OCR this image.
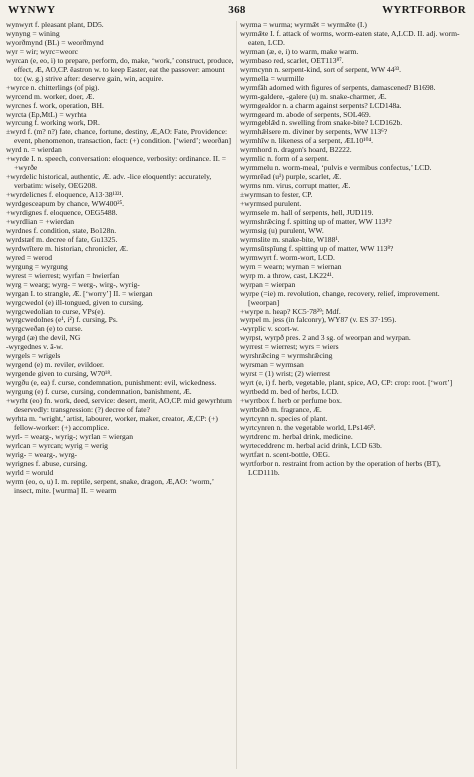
WYNWY	368	WYRTFORBOR

wynwyrt f. pleasant plant, DD5.

wynyng = wining

wyorðmynd (BL) = weorðmynd

wyr = wir; wyrc=weorc

wyrcan (e, eo, i) to prepare, perform, do, make, ‘work,’ construct, produce, effect, Æ, AO,CP. ēastron w. to keep Easter, eat the passover: amount to: (w. g.) strive after: deserve gain, win, acquire.

+wyrce n. chitterlings (of pig).

wyrcend m. worker, doer, Æ.

wyrcnes f. work, operation, BH.

wyrcta (Ep,MtL) = wyrhta

wyrcung f. working work, DR.

±wyrd f. (m? n?) fate, chance, fortune, destiny, Æ,AO: Fate, Providence: event, phenomenon, transaction, fact: (+) condition. [‘wierd’; weorðan]

wyrd n. = wierdan

+wyrde I. n. speech, conversation: eloquence, verbosity: ordinance. II. = +wyrðe

+wyrdelic historical, authentic, Æ. adv. -lice eloquently: accurately, verbatim: wisely, OEG208.

+wyrdelicnes f. eloquence, A13·38¹³²¹.

wyrdgesceapum by chance, WW400²⁵.

+wyrdignes f. eloquence, OEG5488.

+wyrdlian = +wierdan

wyrdnes f. condition, state, Bo128n.

wyrdstæf m. decree of fate, Gu1325.

wyrdwrītere m. historian, chronicler, Æ.

wyred = werod

wyrgung = wyrgung

wyrest = wierrest; wyrfan = hwierfan

wyrg = wearg; wyrg- = werg-, wirg-, wyrig-

wyrgan I. to strangle, Æ. [‘worry’] II. = wiergan

wyrgcwedol (e) ill-tongued, given to cursing.

wyrgcwedolian to curse, VPs(e).

wyrgcwedolnes (e¹, i²) f. cursing, Ps.

wyrgcweðan (e) to curse.

wyrgd (æ) the devil, NG

-wyrgednes v. ā-w.

wyrgels = wrigels

wyrgend (e) m. reviler, evildoer.

wyrgende given to cursing, W70¹⁸.

wyrgðu (e, ea) f. curse, condemnation, punishment: evil, wickedness.

wyrgung (e) f. curse, cursing, condemnation, banishment, Æ.

+wyrht (eo) fn. work, deed, service: desert, merit, AO,CP. mid gewyrhtum deservedly: transgression: (?) decree of fate?

wyrhta m. ‘wright,’ artist, labourer, worker, maker, creator, Æ,CP: (+) fellow-worker: (+) accomplice.

wyrl- = wearg-, wyrig-; wyrlan = wiergan

wyrlcan = wyrcan; wyrig = werig

wyrig- = wearg-, wyrg-

wyrignes f. abuse, cursing.

wyrld = woruld

wyrm (eo, o, u) I. m. reptile, serpent, snake, dragon, Æ,AO: ‘worm,’ insect, mite. [wurma] II. = wearm

wyrma = wurma; wyrmǣt = wyrmǣte (I.)

wyrmǣte I. f. attack of worms, worm-eaten state, A,LCD. II. adj. worm-eaten, LCD.

wyrman (æ, e, i) to warm, make warm.

wyrmbaso red, scarlet, OET113⁸⁷.

wyrmcynn n. serpent-kind, sort of serpent, WW 44³³.

wyrmella = wurmille

wyrmfāh adorned with figures of serpents, damascened? B1698.

wyrm-galdere, -galere (u) m. snake-charmer, Æ.

wyrmgealdor n. a charm against serpents? LCD148a.

wyrmgeard m. abode of serpents, SOL469.

wyrmgeblǣd n. swelling from snake-bite? LCD162b.

wyrmhǣlsere m. diviner by serpents, WW 113⁶?

wyrmhīw n. likeness of a serpent, ÆL10¹⁰⁴.

wyrmhord n. dragon's hoard, B2222.

wyrmlic n. form of a serpent.

wyrmmelu n. worm-meal, ‘pulvis e vermibus confectus,’ LCD.

wyrmrēad (u¹) purple, scarlet, Æ.

wyrms nm. virus, corrupt matter, Æ.

±wyrmsan to fester, CP.

+wyrmsed purulent.

wyrmsele m. hall of serpents, hell, JUD119.

wyrmshrǣcing f. spitting up of matter, WW 113⁸?

wyrmsig (u) purulent, WW.

wyrmslite m. snake-bite, W188¹.

wyrmsūtspīung f. spitting up of matter, WW 113⁸?

wyrmwyrt f. worm-wort, LCD.

wyrn = wearn; wyrnan = wiernan

wyrp m. a throw, cast, LK22⁴¹.

wyrpan = wierpan

wyrpe (=ie) m. revolution, change, recovery, relief, improvement. [weorpan]

+wyrpe n. heap? KC5·78²⁹; Mdf.

wyrpel m. jess (in falconry), WY87 (v. ES 37·195).

-wyrplic v. scort-w.

wyrpst, wyrpð pres. 2 and 3 sg. of weorpan and wyrpan.

wyrrest = wierrest; wyrs = wiers

wyrshrǣcing = wyrmshrǣcing

wyrsman = wyrmsan

wyrst = (1) wrist; (2) wierrest

wyrt (e, i) f. herb, vegetable, plant, spice, AO, CP: crop: root. [‘wort’]

wyrtbedd m. bed of herbs, LCD.

+wyrtbox f. herb or perfume box.

wyrtbrǣð m. fragrance, Æ.

wyrtcynn n. species of plant.

wyrtcynren n. the vegetable world, LPs146⁸.

wyrtdrenc m. herbal drink, medicine.

wyrteceddrenc m. herbal acid drink, LCD 63b.

wyrtfæt n. scent-bottle, OEG.

wyrtforbor n. restraint from action by the operation of herbs (BT), LCD111b.
